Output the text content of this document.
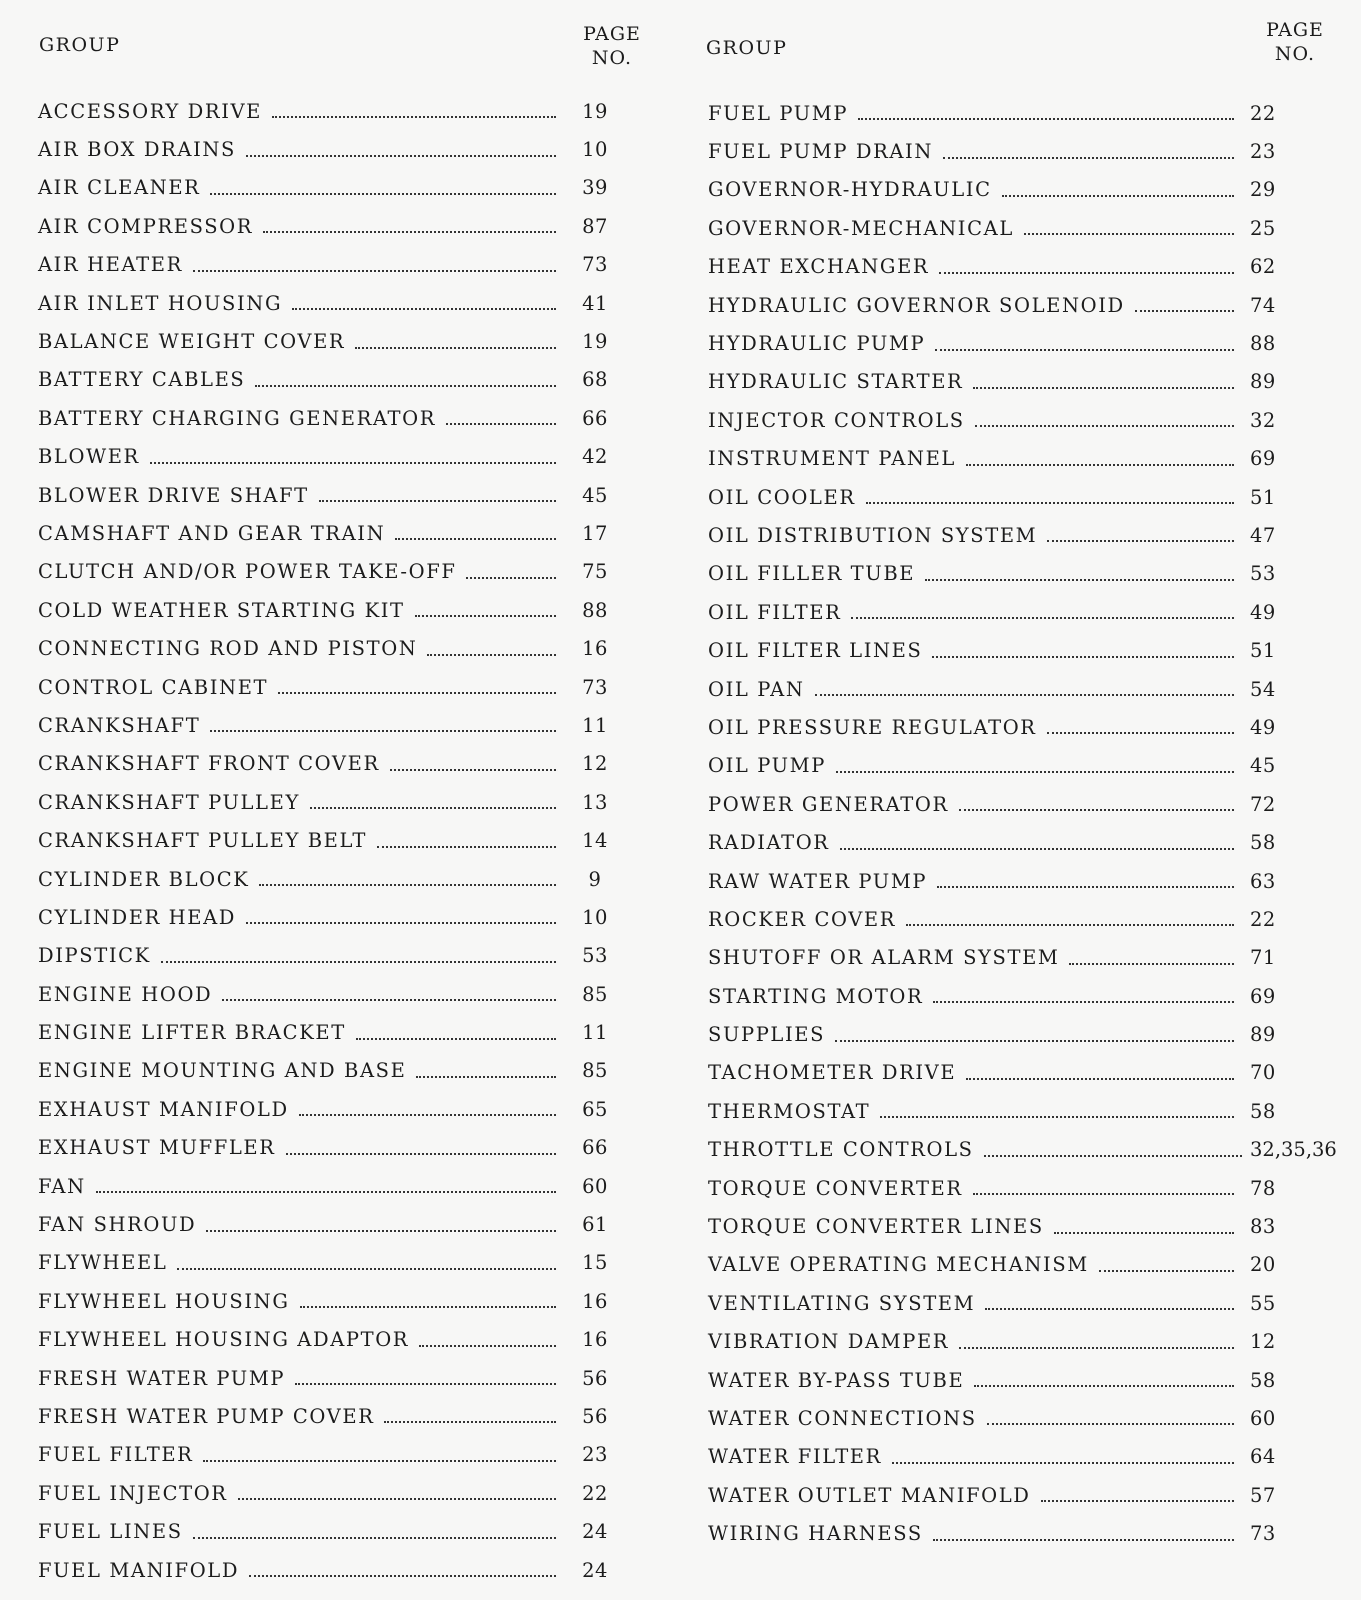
GROUP	PAGE
NO.
ACCESSORY DRIVE	19
AIR BOX DRAINS	10
AIR CLEANER	39
AIR COMPRESSOR	87
AIR HEATER	73
AIR INLET HOUSING	41
BALANCE WEIGHT COVER	19
BATTERY CABLES	68
BATTERY CHARGING GENERATOR	66
BLOWER	42
BLOWER DRIVE SHAFT	45
CAMSHAFT AND GEAR TRAIN	17
CLUTCH AND/OR POWER TAKE-OFF	75
COLD WEATHER STARTING KIT	88
CONNECTING ROD AND PISTON	16
CONTROL CABINET	73
CRANKSHAFT	11
CRANKSHAFT FRONT COVER	12
CRANKSHAFT PULLEY	13
CRANKSHAFT PULLEY BELT	14
CYLINDER BLOCK	9
CYLINDER HEAD	10
DIPSTICK	53
ENGINE HOOD	85
ENGINE LIFTER BRACKET	11
ENGINE MOUNTING AND BASE	85
EXHAUST MANIFOLD	65
EXHAUST MUFFLER	66
FAN	60
FAN SHROUD	61
FLYWHEEL	15
FLYWHEEL HOUSING	16
FLYWHEEL HOUSING ADAPTOR	16
FRESH WATER PUMP	56
FRESH WATER PUMP COVER	56
FUEL FILTER	23
FUEL INJECTOR	22
FUEL LINES	24
FUEL MANIFOLD	24
GROUP
PAGE
NO.
FUEL PUMP	22
FUEL PUMP DRAIN	23
GOVERNOR-HYDRAULIC	29
GOVERNOR-MECHANICAL	25
HEAT EXCHANGER	62
HYDRAULIC GOVERNOR SOLENOID	74
HYDRAULIC PUMP	88
HYDRAULIC STARTER	89
INJECTOR CONTROLS	32
INSTRUMENT PANEL	69
OIL COOLER	51
OIL DISTRIBUTION SYSTEM	47
OIL FILLER TUBE	53
OIL FILTER	49
OIL FILTER LINES	51
OIL PAN	54
OIL PRESSURE REGULATOR	49
OIL PUMP	45
POWER GENERATOR	72
RADIATOR	58
RAW WATER PUMP	63
ROCKER COVER	22
SHUTOFF OR ALARM SYSTEM	71
STARTING MOTOR	69
SUPPLIES	89
TACHOMETER DRIVE	70
THERMOSTAT	58
THROTTLE CONTROLS	32,35,36
TORQUE CONVERTER	78
TORQUE CONVERTER LINES	83
VALVE OPERATING MECHANISM	20
VENTILATING SYSTEM	55
VIBRATION DAMPER	12
WATER BY-PASS TUBE	58
WATER CONNECTIONS	60
WATER FILTER	64
WATER OUTLET MANIFOLD	57
WIRING HARNESS	73
